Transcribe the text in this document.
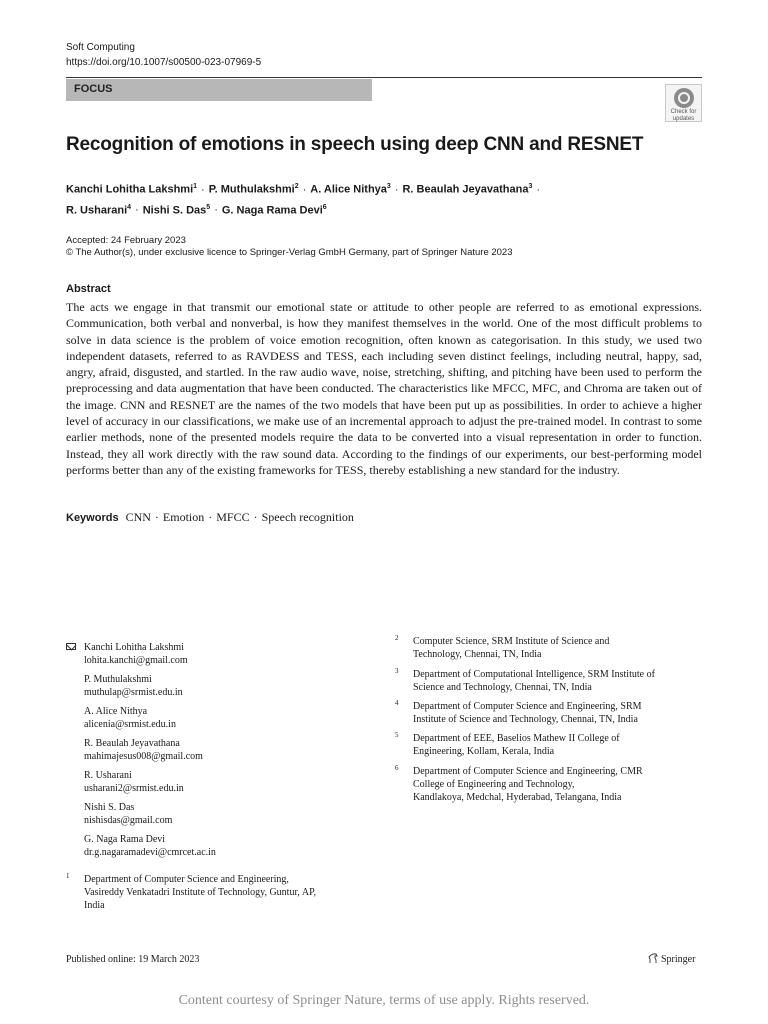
Soft Computing
https://doi.org/10.1007/s00500-023-07969-5
FOCUS
Check for
updates
Recognition of emotions in speech using deep CNN and RESNET
Kanchi Lohitha Lakshmi$^1$ · P. Muthulakshmi$^2$ · A. Alice Nithya$^3$ · R. Beaulah Jeyavathana$^3$ ·
R. Usharani$^4$ · Nishi S. Das$^5$ · G. Naga Rama Devi$^6$
Accepted: 24 February 2023
© The Author(s), under exclusive licence to Springer-Verlag GmbH Germany, part of Springer Nature 2023
Abstract
The acts we engage in that transmit our emotional state or attitude to other people are referred to as emotional expressions. Communication, both verbal and nonverbal, is how they manifest themselves in the world. One of the most difficult problems to solve in data science is the problem of voice emotion recognition, often known as categorisation. In this study, we used two independent datasets, referred to as RAVDESS and TESS, each including seven distinct feelings, including neutral, happy, sad, angry, afraid, disgusted, and startled. In the raw audio wave, noise, stretching, shifting, and pitching have been used to perform the preprocessing and data augmentation that have been conducted. The characteristics like MFCC, MFC, and Chroma are taken out of the image. CNN and RESNET are the names of the two models that have been put up as possibilities. In order to achieve a higher level of accuracy in our classifications, we make use of an incremental approach to adjust the pre-trained model. In contrast to some earlier methods, none of the presented models require the data to be converted into a visual representation in order to function. Instead, they all work directly with the raw sound data. According to the findings of our experiments, our best-performing model performs better than any of the existing frameworks for TESS, thereby establishing a new standard for the industry.
Keywords CNN · Emotion · MFCC · Speech recognition
Kanchi Lohitha Lakshmi
lohita.kanchi@gmail.com
P. Muthulakshmi
muthulap@srmist.edu.in
A. Alice Nithya
alicenia@srmist.edu.in
R. Beaulah Jeyavathana
mahimajesus008@gmail.com
R. Usharani
usharani2@srmist.edu.in
Nishi S. Das
nishisdas@gmail.com
G. Naga Rama Devi
dr.g.nagaramadevi@cmrcet.ac.in
1 Department of Computer Science and Engineering,
Vasireddy Venkatadri Institute of Technology, Guntur, AP,
India
2 Computer Science, SRM Institute of Science and
Technology, Chennai, TN, India
3 Department of Computational Intelligence, SRM Institute of
Science and Technology, Chennai, TN, India
4 Department of Computer Science and Engineering, SRM
Institute of Science and Technology, Chennai, TN, India
5 Department of EEE, Baselios Mathew II College of
Engineering, Kollam, Kerala, India
6 Department of Computer Science and Engineering, CMR
College of Engineering and Technology,
Kandlakoya, Medchal, Hyderabad, Telangana, India
Published online: 19 March 2023	Springer
Content courtesy of Springer Nature, terms of use apply. Rights reserved.
